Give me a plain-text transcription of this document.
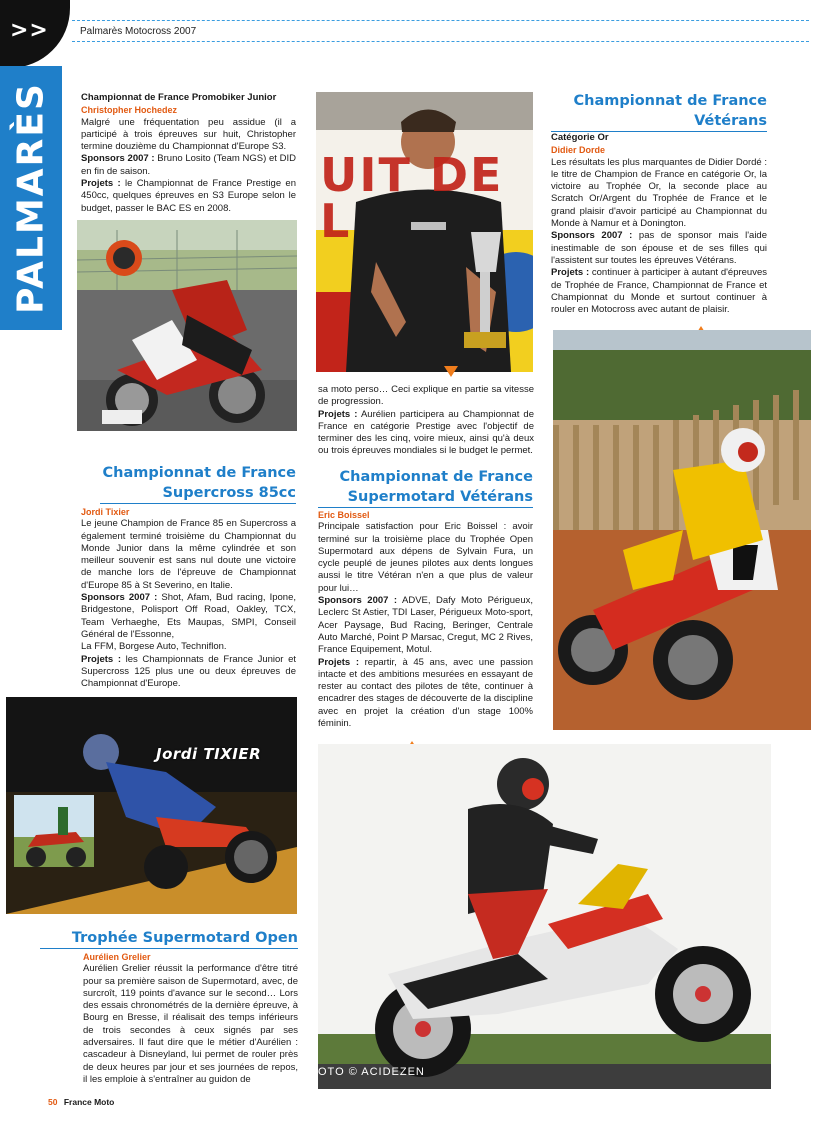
>>	Palmarès Motocross 2007
PALMARÈS	Championnat de France Promobiker Junior

Christopher Hochedez

Malgré une fréquentation peu assidue (il a participé à trois épreuves sur huit, Christopher termine douzième du Championnat d'Europe S3.

Sponsors 2007 : Bruno Losito (Team NGS) et DID en fin de saison.

Projets : le Championnat de France Prestige en 450cc, quelques épreuves en S3 Europe selon le budget, passer le BAC ES en 2008.

Championnat de France
Supercross 85cc

Jordi Tixier

Le jeune Champion de France 85 en Supercross a également terminé troisième du Championnat du Monde Junior dans la même cylindrée et son meilleur souvenir est sans nul doute une victoire de manche lors de l'épreuve de Championnat d'Europe 85 à St Severino, en Italie.

Sponsors 2007 : Shot, Afam, Bud racing, Ipone, Bridgestone, Polisport Off Road, Oakley, TCX, Team Verhaeghe, Ets Maupas, SMPI, Conseil Général de l'Essonne,

La FFM, Borgese Auto, Techniflon.

Projets : les Championnats de France Junior et Supercross 125 plus une ou deux épreuves de Championnat d'Europe.

Jordi TIXIER
Trophée Supermotard Open

Aurélien Grelier

Aurélien Grelier réussit la performance d'être titré pour sa première saison de Supermotard, avec, de surcroît, 119 points d'avance sur le second… Lors des essais chronométrés de la dernière épreuve, à Bourg en Bresse, il réalisait des temps inférieurs de trois secondes à ceux signés par ses adversaires. Il faut dire que le métier d'Aurélien : cascadeur à Disneyland, lui permet de rouler près de deux heures par jour et ses journées de repos, il les emploie à s'entraîner au guidon de

UIT DE L

sa moto perso… Ceci explique en partie sa vitesse de progression.

Projets : Aurélien participera au Championnat de France en catégorie Prestige avec l'objectif de terminer des les cinq, voire mieux, ainsi qu'à deux ou trois épreuves mondiales si le budget le permet.

Championnat de France
Supermotard Vétérans

Eric Boissel

Principale satisfaction pour Eric Boissel : avoir terminé sur la troisième place du Trophée Open Supermotard aux dépens de Sylvain Fura, un cycle peuplé de jeunes pilotes aux dents longues aussi le titre Vétéran n'en a que plus de valeur pour lui…

Sponsors 2007 : ADVE, Dafy Moto Périgueux, Leclerc St Astier, TDI Laser, Périgueux Moto-sport, Acer Paysage, Bud Racing, Beringer, Centrale Auto Marché, Point P Marsac, Cregut, MC 2 Rives, France Equipement, Motul.

Projets : repartir, à 45 ans, avec une passion intacte et des ambitions mesurées en essayant de rester au contact des pilotes de tête, continuer à encadrer des stages de découverte de la discipline avec en projet la création d'un stage 100% féminin.

OTO © ACIDEZEN
Championnat de France
Vétérans

Catégorie Or

Didier Dorde

Les résultats les plus marquantes de Didier Dordé : le titre de Champion de France en catégorie Or, la victoire au Trophée Or, la seconde place au Scratch Or/Argent du Trophée de France et le grand plaisir d'avoir participé au Championnat du Monde à Namur et à Donington.

Sponsors 2007 : pas de sponsor mais l'aide inestimable de son épouse et de ses filles qui l'assistent sur toutes les épreuves Vétérans.

Projets : continuer à participer à autant d'épreuves de Trophée de France, Championnat de France et Championnat du Monde et surtout continuer à rouler en Motocross avec autant de plaisir.

50 France Moto
